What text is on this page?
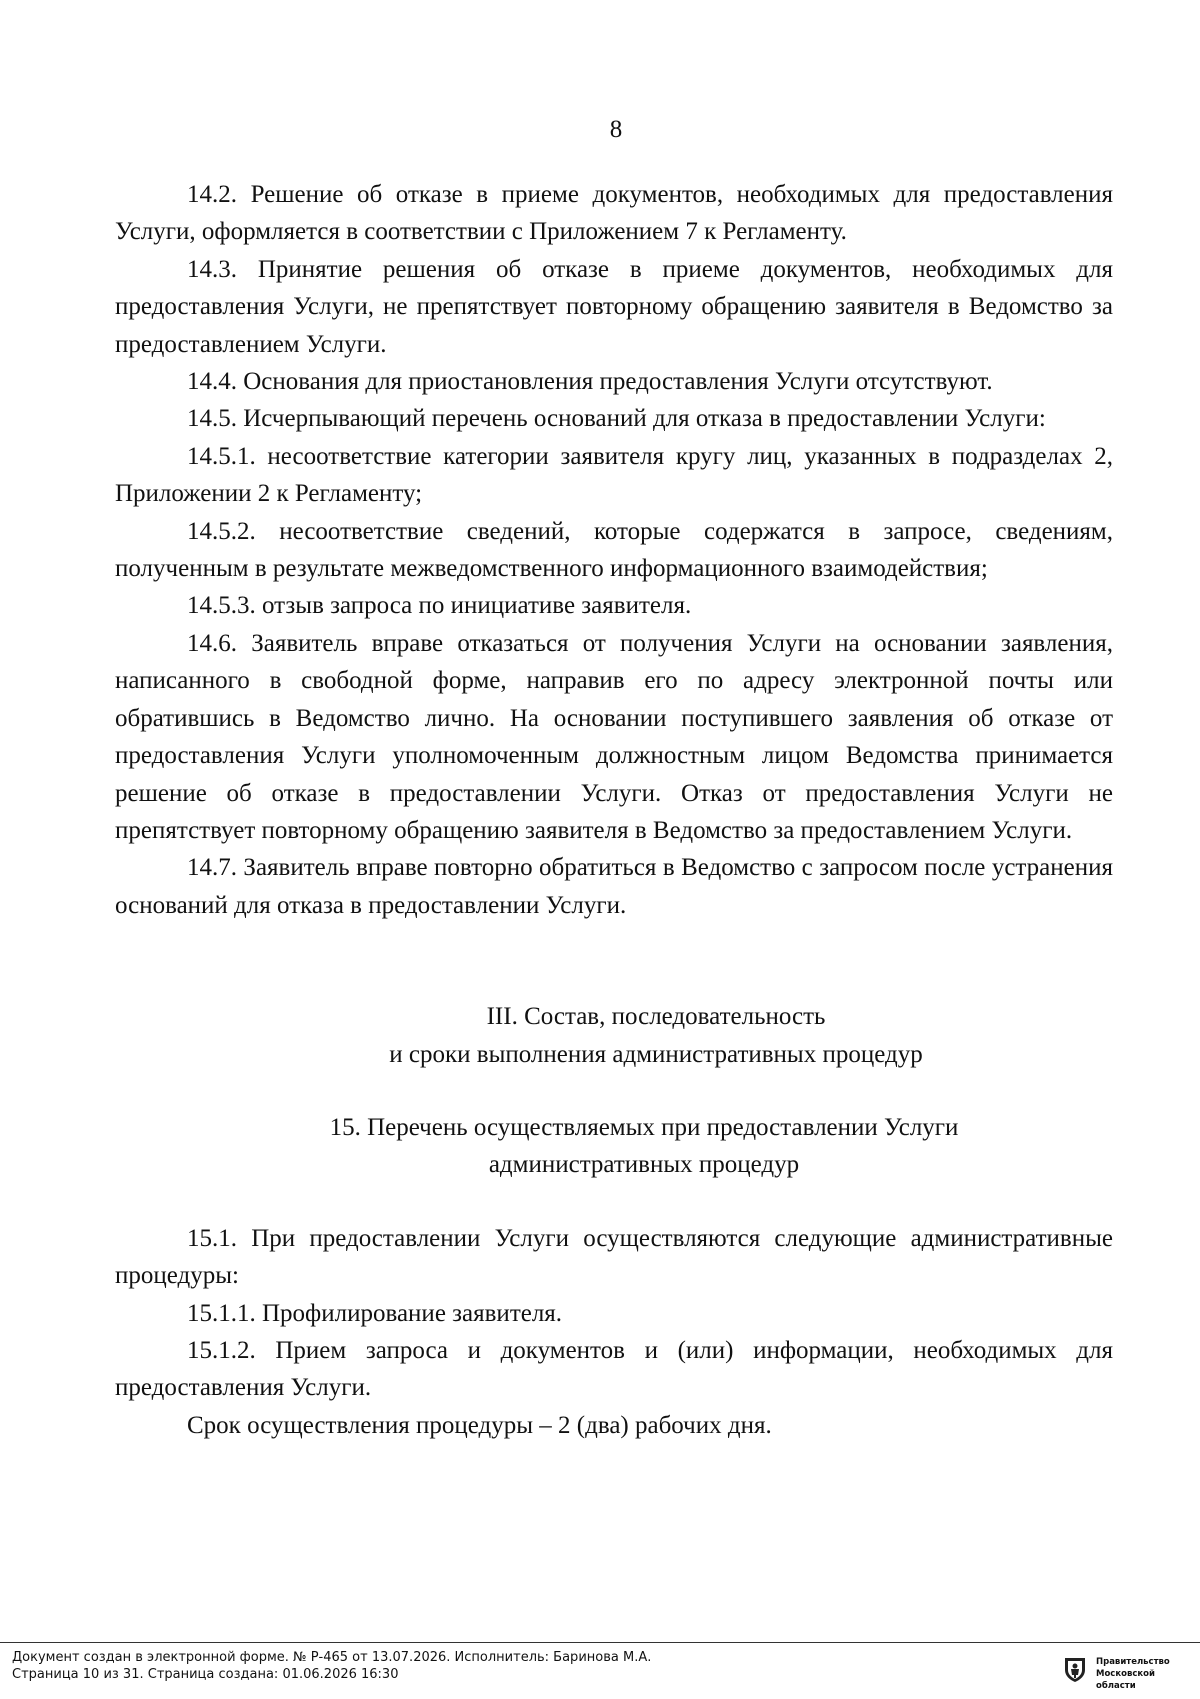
8

14.2. Решение об отказе в приеме документов, необходимых для предоставления Услуги, оформляется в соответствии с Приложением 7 к Регламенту.

14.3. Принятие решения об отказе в приеме документов, необходимых для предоставления Услуги, не препятствует повторному обращению заявителя в Ведомство за предоставлением Услуги.

14.4. Основания для приостановления предоставления Услуги отсутствуют.

14.5. Исчерпывающий перечень оснований для отказа в предоставлении Услуги:

14.5.1. несоответствие категории заявителя кругу лиц, указанных в подразделах 2, Приложении 2 к Регламенту;

14.5.2. несоответствие сведений, которые содержатся в запросе, сведениям, полученным в результате межведомственного информационного взаимодействия;

14.5.3. отзыв запроса по инициативе заявителя.

14.6. Заявитель вправе отказаться от получения Услуги на основании заявления, написанного в свободной форме, направив его по адресу электронной почты или обратившись в Ведомство лично. На основании поступившего заявления об отказе от предоставления Услуги уполномоченным должностным лицом Ведомства принимается решение об отказе в предоставлении Услуги. Отказ от предоставления Услуги не препятствует повторному обращению заявителя в Ведомство за предоставлением Услуги.

14.7. Заявитель вправе повторно обратиться в Ведомство с запросом после устранения оснований для отказа в предоставлении Услуги.

III. Состав, последовательность
и сроки выполнения административных процедур
15. Перечень осуществляемых при предоставлении Услуги
административных процедур

15.1. При предоставлении Услуги осуществляются следующие административные процедуры:

15.1.1. Профилирование заявителя.

15.1.2. Прием запроса и документов и (или) информации, необходимых для предоставления Услуги.

Срок осуществления процедуры – 2 (два) рабочих дня.

Документ создан в электронной форме. № Р-465 от 13.07.2026. Исполнитель: Баринова М.А.
Страница 10 из 31. Страница создана: 01.06.2026 16:30
Правительство
Московской области
